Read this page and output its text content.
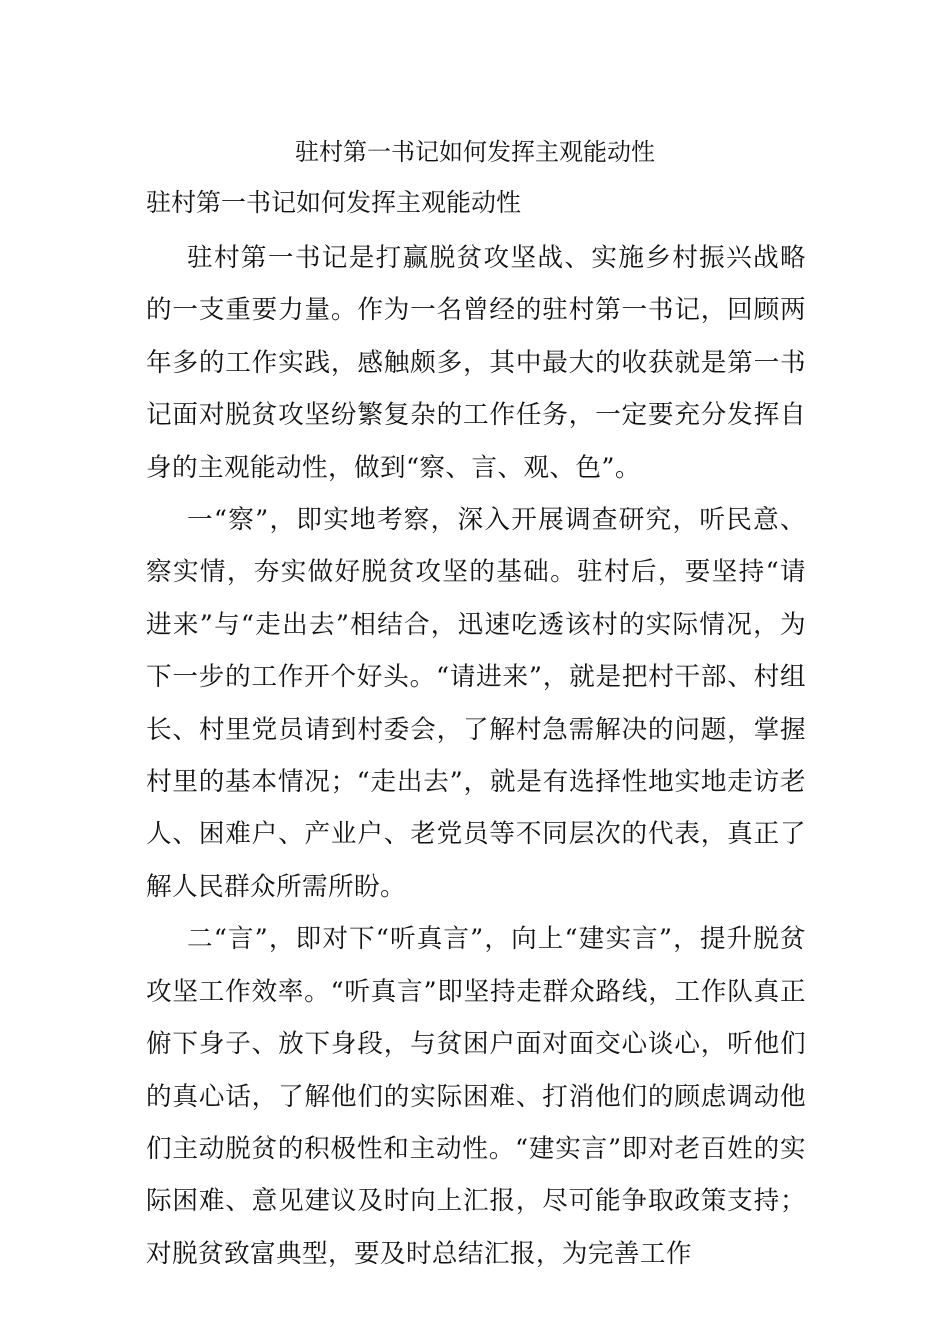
驻村第一书记如何发挥主观能动性
驻村第一书记如何发挥主观能动性

驻村第一书记是打赢脱贫攻坚战、实施乡村振兴战略的一支重要力量。作为一名曾经的驻村第一书记，回顾两年多的工作实践，感触颇多，其中最大的收获就是第一书记面对脱贫攻坚纷繁复杂的工作任务，一定要充分发挥自身的主观能动性，做到“察、言、观、色”。

一“察”，即实地考察，深入开展调查研究，听民意、察实情，夯实做好脱贫攻坚的基础。驻村后，要坚持“请进来”与“走出去”相结合，迅速吃透该村的实际情况，为下一步的工作开个好头。“请进来”，就是把村干部、村组长、村里党员请到村委会，了解村急需解决的问题，掌握村里的基本情况；“走出去”，就是有选择性地实地走访老人、困难户、产业户、老党员等不同层次的代表，真正了解人民群众所需所盼。

二“言”，即对下“听真言”，向上“建实言”，提升脱贫攻坚工作效率。“听真言”即坚持走群众路线，工作队真正俯下身子、放下身段，与贫困户面对面交心谈心，听他们的真心话，了解他们的实际困难、打消他们的顾虑调动他们主动脱贫的积极性和主动性。“建实言”即对老百姓的实际困难、意见建议及时向上汇报，尽可能争取政策支持；对脱贫致富典型，要及时总结汇报，为完善工作
